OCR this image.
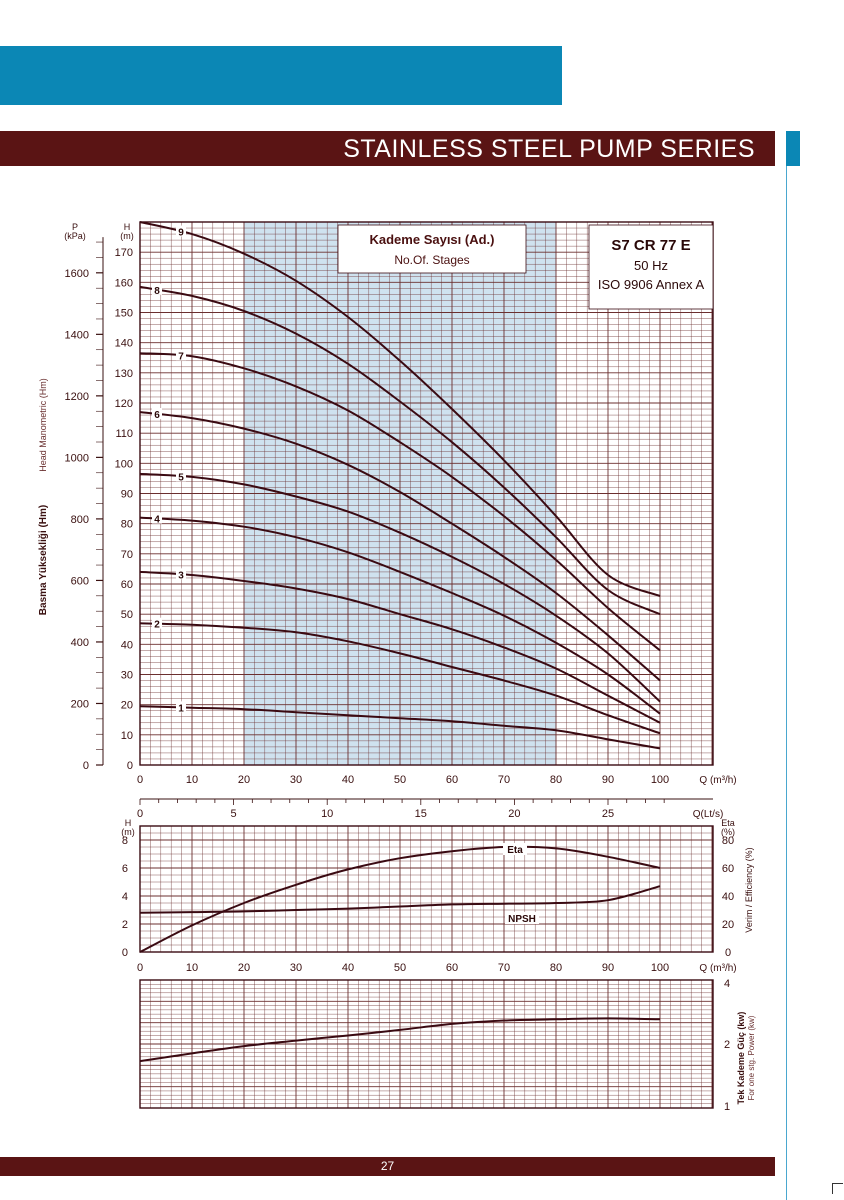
STAINLESS STEEL PUMP SERIES
Kademe Sayısı (Ad.)
No.Of. Stages
S7 CR 77 E
50 Hz
ISO 9906 Annex A
1
2
3
4
5
6
7
8
9
0
10
20
30
40
50
60
70
80
90
100
110
120
130
140
150
160
170
H
(m)
0
200
400
600
800
1000
1200
1400
1600
P
(kPa)
Basma Yüksekliği (Hm)
Head Manometric (Hm)
0	10	20	30	40	50	60	70	80	90	100	Q (m³/h)
0	5	10	15	20	25	Q(Lt/s)
Eta
NPSH
0
2
4
6
8
0
20
40
60
80
H
(m)
Eta
(%)
Verim / Efficiency (%)
0	10	20	30	40	50	60	70	80	90	100	Q (m³/h)
4
2
1
Tek Kademe Güç (kw) For one stg. Power (kw)
27
